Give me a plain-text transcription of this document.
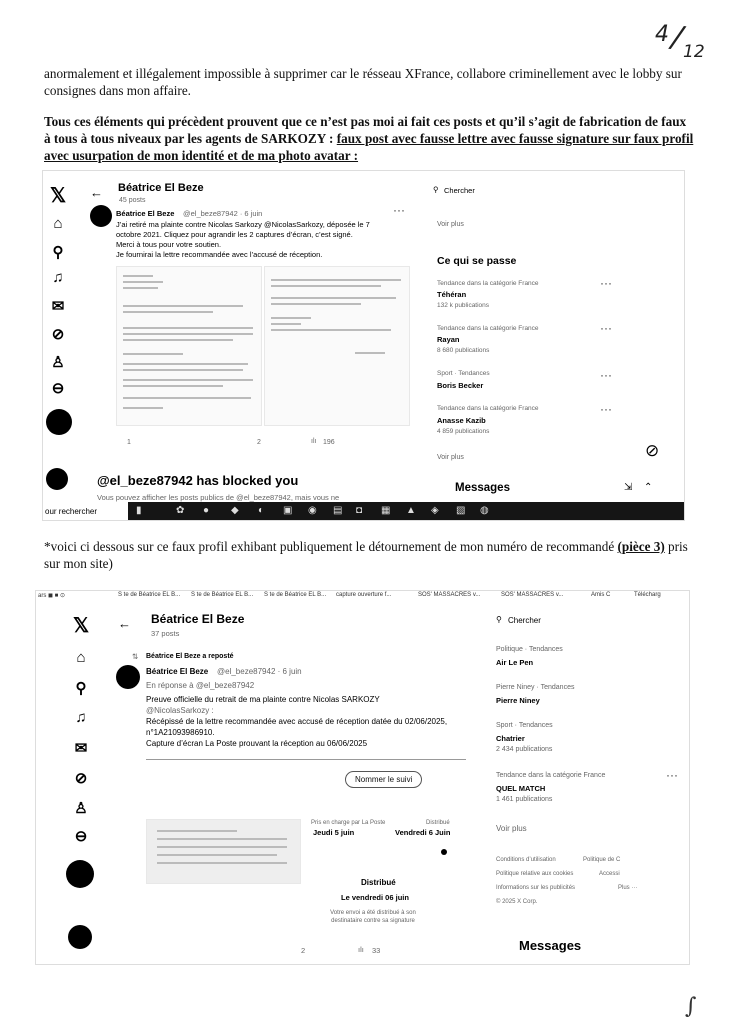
4 /
12

anormalement et illégalement impossible à supprimer car le résseau XFrance, collabore criminellement avec le lobby sur consignes dans mon affaire.

Tous ces éléments qui précèdent prouvent que ce n’est pas moi ai fait ces posts et qu’il s’agit de fabrication de faux à tous à tous niveaux par les agents de SARKOZY : faux post avec fausse lettre avec fausse signature sur faux profil avec usurpation de mon identité et de ma photo avatar :

𝕏
⌂
⚲
♫
✉
⊘
♙
⊖
← Béatrice El Beze
45 posts
Béatrice El Beze @el_beze87942 · 6 juin	···
J’ai retiré ma plainte contre Nicolas Sarkozy @NicolasSarkozy, déposée le 7 octobre 2021. Cliquez pour agrandir les 2 captures d’écran, c’est signé.
Merci à tous pour votre soutien.
Je fournirai la lettre recommandée avec l’accusé de réception.
1	2	ılı 196
@el_beze87942 has blocked you
Vous pouvez afficher les posts publics de @el_beze87942, mais vous ne
⚲ Chercher
Voir plus
Ce qui se passe
Tendance dans la catégorie France
Téhéran
132 k publications
···
Tendance dans la catégorie France
Rayan
8 680 publications
···
Sport · Tendances
Boris Becker
···
Tendance dans la catégorie France
Anasse Kazib
4 859 publications
···
Voir plus	⊘
Messages	⇲ ⌃
our rechercher	▮	✿ ● ◆ ◐ ▣ ◉ ▤ ◘ ▦ ▲ ◈ ▧ ◍

*voici ci dessous sur ce faux profil exhibant publiquement le détournement de mon numéro de recommandé (pièce 3) pris sur mon site)

ars ◼ ■ ⊙	S te de Béatrice EL B... S te de Béatrice EL B... S te de Béatrice EL B... capture ouverture f...	SOS' MASSACRES v...	SOS' MASSACRES v...	Amis C	Télécharg
𝕏
⌂
⚲
♫
✉
⊘
♙
⊖
← Béatrice El Beze
37 posts
⇅ Béatrice El Beze a reposté
Béatrice El Beze @el_beze87942 · 6 juin
En réponse à @el_beze87942
Preuve officielle du retrait de ma plainte contre Nicolas SARKOZY
@NicolasSarkozy :
Récépissé de la lettre recommandée avec accusé de réception datée du 02/06/2025, n°1A21093986910.
Capture d’écran La Poste prouvant la réception au 06/06/2025
Nommer le suivi
Pris en charge par La Poste
Jeudi 5 juin
Distribué
Vendredi 6 Juin
Distribué
Le vendredi 06 juin
Votre envoi a été distribué à son destinataire contre sa signature
2	ılı 33
⚲ Chercher
Politique · Tendances
Air Le Pen
Pierre Niney · Tendances
Pierre Niney
Sport · Tendances
Chatrier
2 434 publications
Tendance dans la catégorie France
QUEL MATCH
1 461 publications
···
Voir plus
Conditions d’utilisation	Politique de C
Politique relative aux cookies	Accessi
Informations sur les publicités	Plus ···
© 2025 X Corp.
Messages
∫
